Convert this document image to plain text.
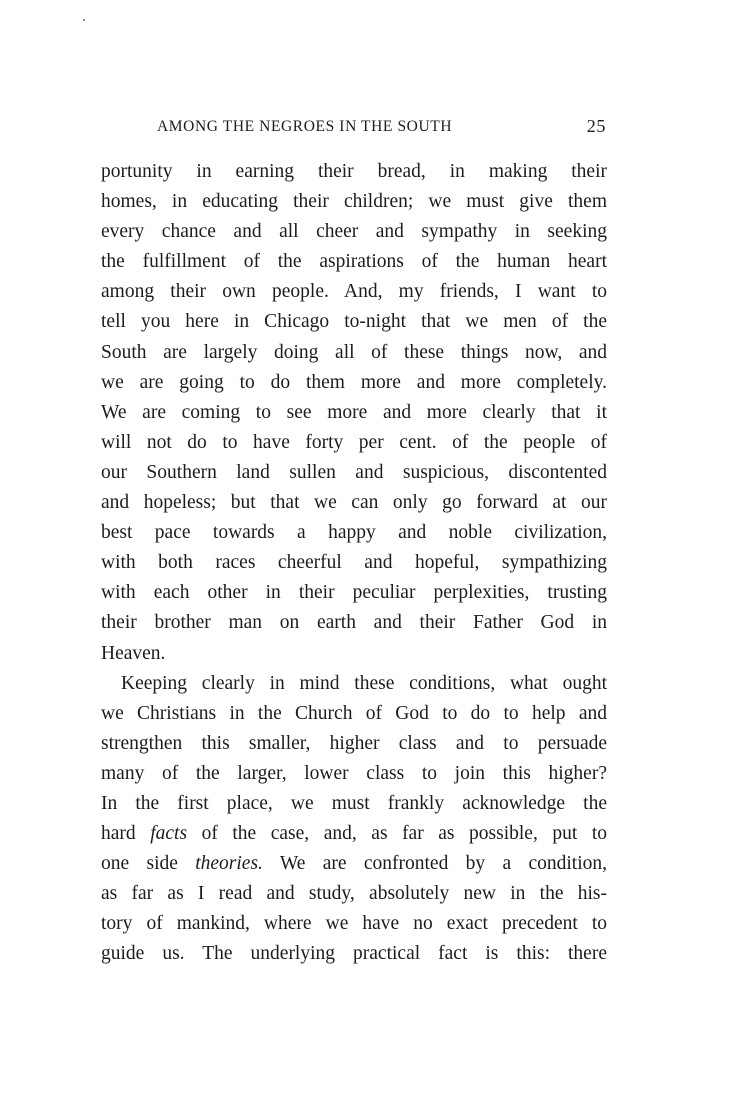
AMONG THE NEGROES IN THE SOUTH	25
portunity in earning their bread, in making their
homes, in educating their children; we must give them
every chance and all cheer and sympathy in seeking
the fulfillment of the aspirations of the human heart
among their own people. And, my friends, I want to
tell you here in Chicago to-night that we men of the
South are largely doing all of these things now, and
we are going to do them more and more completely.
We are coming to see more and more clearly that it
will not do to have forty per cent. of the people of
our Southern land sullen and suspicious, discontented
and hopeless; but that we can only go forward at our
best pace towards a happy and noble civilization,
with both races cheerful and hopeful, sympathizing
with each other in their peculiar perplexities, trusting
their brother man on earth and their Father God in
Heaven.
Keeping clearly in mind these conditions, what ought
we Christians in the Church of God to do to help and
strengthen this smaller, higher class and to persuade
many of the larger, lower class to join this higher?
In the first place, we must frankly acknowledge the
hard facts of the case, and, as far as possible, put to
one side theories. We are confronted by a condition,
as far as I read and study, absolutely new in the his-
tory of mankind, where we have no exact precedent to
guide us. The underlying practical fact is this: there
